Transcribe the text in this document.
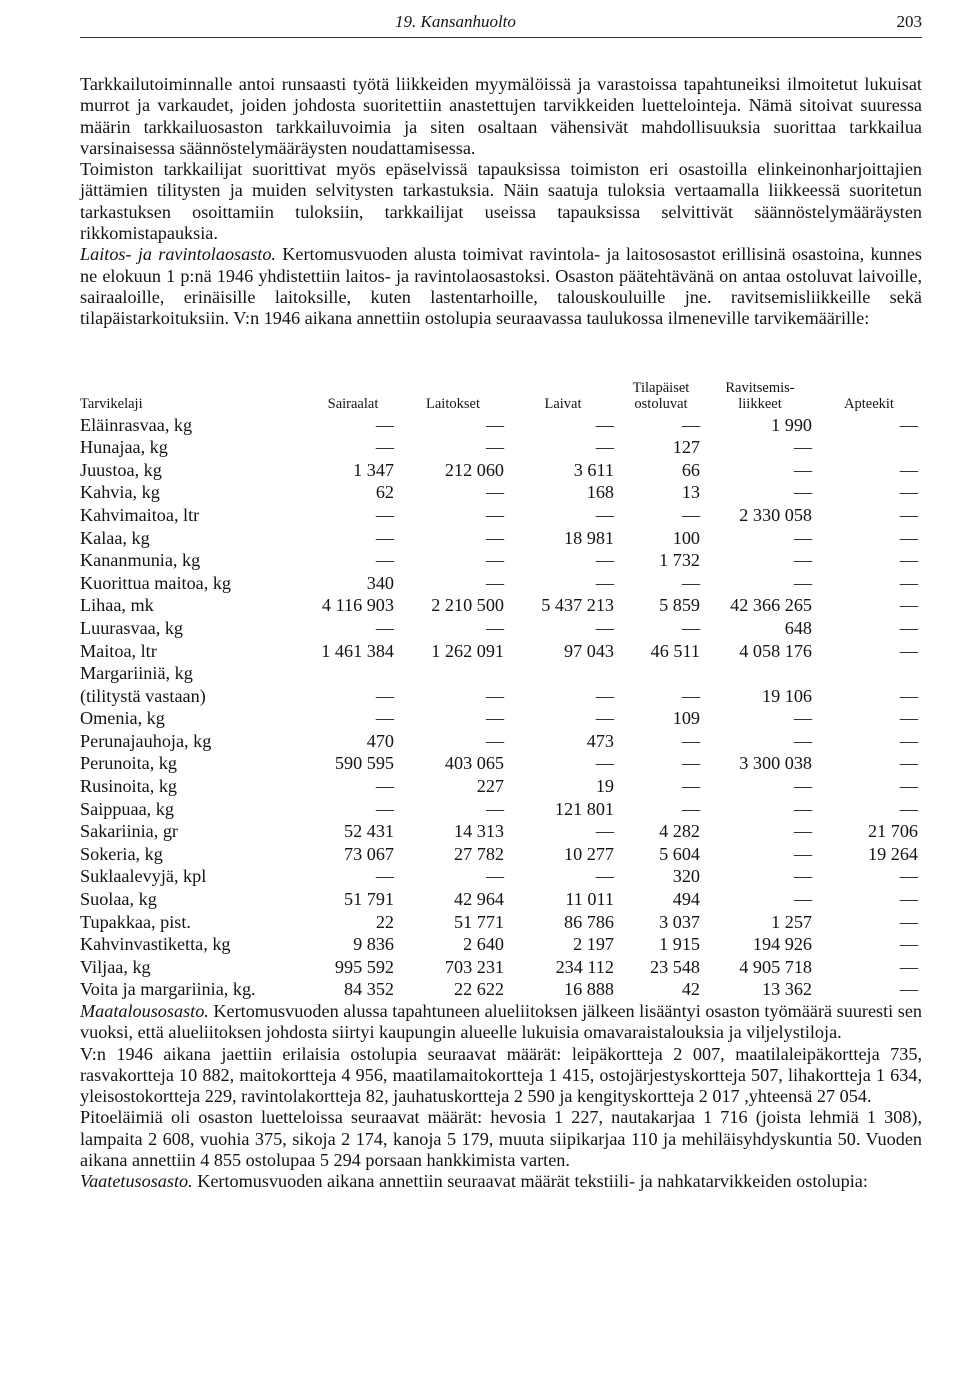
19. Kansanhuolto	203

Tarkkailutoiminnalle antoi runsaasti työtä liikkeiden myymälöissä ja varastoissa tapahtuneiksi ilmoitetut lukuisat murrot ja varkaudet, joiden johdosta suoritettiin anastettujen tarvikkeiden luettelointeja. Nämä sitoivat suuressa määrin tarkkailuosaston tarkkailuvoimia ja siten osaltaan vähensivät mahdollisuuksia suorittaa tarkkailua varsinaisessa säännöstelymääräysten noudattamisessa.

Toimiston tarkkailijat suorittivat myös epäselvissä tapauksissa toimiston eri osastoilla elinkeinonharjoittajien jättämien tilitysten ja muiden selvitysten tarkastuksia. Näin saatuja tuloksia vertaamalla liikkeessä suoritetun tarkastuksen osoittamiin tuloksiin, tarkkailijat useissa tapauksissa selvittivät säännöstelymääräysten rikkomistapauksia.

Laitos- ja ravintolaosasto. Kertomusvuoden alusta toimivat ravintola- ja laitososastot erillisinä osastoina, kunnes ne elokuun 1 p:nä 1946 yhdistettiin laitos- ja ravintolaosastoksi. Osaston päätehtävänä on antaa ostoluvat laivoille, sairaaloille, erinäisille laitoksille, kuten lastentarhoille, talouskouluille jne. ravitsemisliikkeille sekä tilapäistarkoituksiin. V:n 1946 aikana annettiin ostolupia seuraavassa taulukossa ilmeneville tarvikemäärille:

Tarvikelaji	Sairaalat	Laitokset	Laivat	Tilapäiset ostoluvat	Ravitsemis-liikkeet	Apteekit
Eläinrasvaa, kg	—	—	—	—	1 990	—
Hunajaa, kg	—	—	—	127	—	
Juustoa, kg	1 347	212 060	3 611	66	—	—
Kahvia, kg	62	—	168	13	—	—
Kahvimaitoa, ltr	—	—	—	—	2 330 058	—
Kalaa, kg	—	—	18 981	100	—	—
Kananmunia, kg	—	—	—	1 732	—	—
Kuorittua maitoa, kg	340	—	—	—	—	—
Lihaa, mk	4 116 903	2 210 500	5 437 213	5 859	42 366 265	—
Luurasvaa, kg	—	—	—	—	648	—
Maitoa, ltr	1 461 384	1 262 091	97 043	46 511	4 058 176	—
Margariiniä, kg						
(tilitystä vastaan)	—	—	—	—	19 106	—
Omenia, kg	—	—	—	109	—	—
Perunajauhoja, kg	470	—	473	—	—	—
Perunoita, kg	590 595	403 065	—	—	3 300 038	—
Rusinoita, kg	—	227	19	—	—	—
Saippuaa, kg	—	—	121 801	—	—	—
Sakariinia, gr	52 431	14 313	—	4 282	—	21 706
Sokeria, kg	73 067	27 782	10 277	5 604	—	19 264
Suklaalevyjä, kpl	—	—	—	320	—	—
Suolaa, kg	51 791	42 964	11 011	494	—	—
Tupakkaa, pist.	22	51 771	86 786	3 037	1 257	—
Kahvinvastiketta, kg	9 836	2 640	2 197	1 915	194 926	—
Viljaa, kg	995 592	703 231	234 112	23 548	4 905 718	—
Voita ja margariinia, kg.	84 352	22 622	16 888	42	13 362	—

Maatalousosasto. Kertomusvuoden alussa tapahtuneen alueliitoksen jälkeen lisääntyi osaston työmäärä suuresti sen vuoksi, että alueliitoksen johdosta siirtyi kaupungin alueelle lukuisia omavaraistalouksia ja viljelystiloja.

V:n 1946 aikana jaettiin erilaisia ostolupia seuraavat määrät: leipäkortteja 2 007, maatilaleipäkortteja 735, rasvakortteja 10 882, maitokortteja 4 956, maatilamaitokortteja 1 415, ostojärjestyskortteja 507, lihakortteja 1 634, yleisostokortteja 229, ravintolakortteja 82, jauhatuskortteja 2 590 ja kengityskortteja 2 017 ,yhteensä 27 054.

Pitoeläimiä oli osaston luetteloissa seuraavat määrät: hevosia 1 227, nautakarjaa 1 716 (joista lehmiä 1 308), lampaita 2 608, vuohia 375, sikoja 2 174, kanoja 5 179, muuta siipikarjaa 110 ja mehiläisyhdyskuntia 50. Vuoden aikana annettiin 4 855 ostolupaa 5 294 porsaan hankkimista varten.

Vaatetusosasto. Kertomusvuoden aikana annettiin seuraavat määrät tekstiili- ja nahkatarvikkeiden ostolupia:
